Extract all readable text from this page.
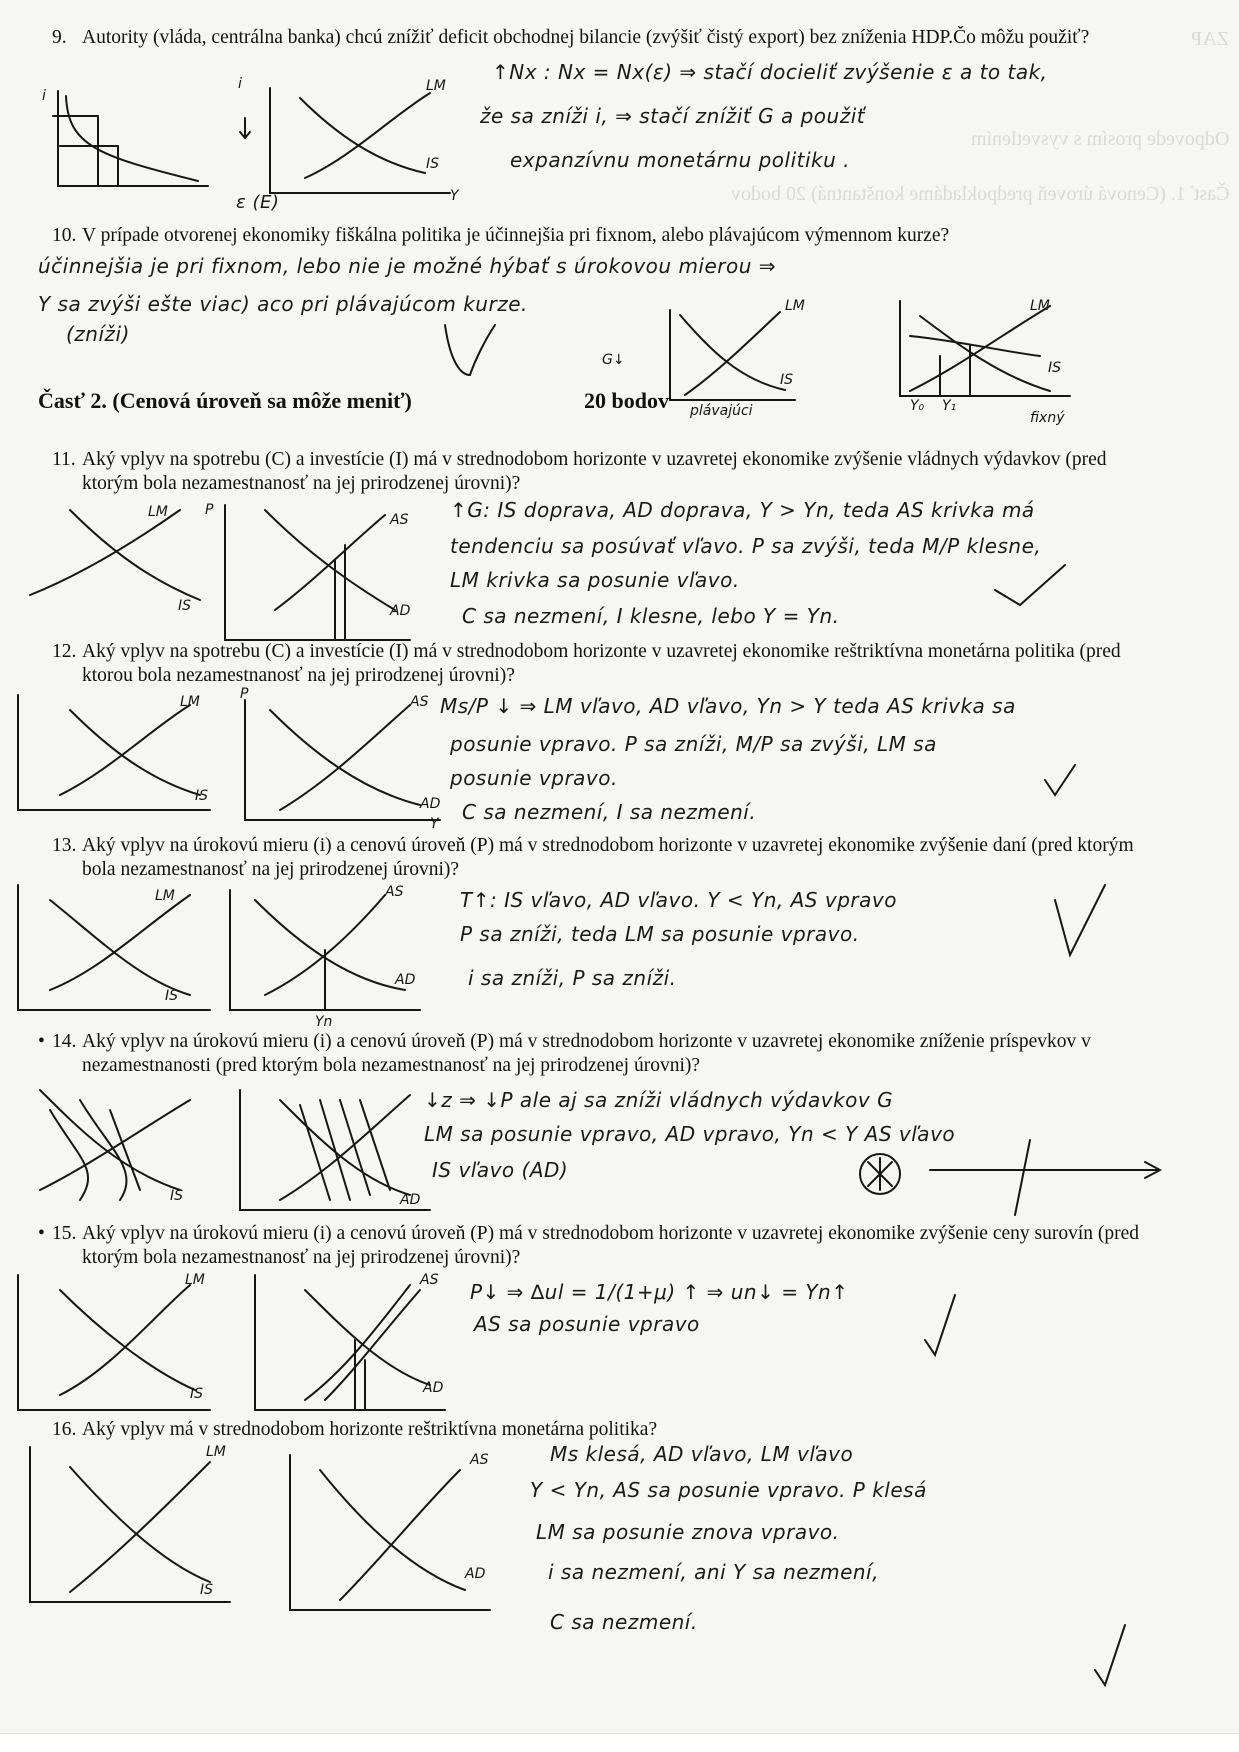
ZAP
Odpovede prosím s vysvetlením
Časť 1. (Cenová úroveň predpokladáme konštantná) 20 bodov
9. Autority (vláda, centrálna banka) chcú znížiť deficit obchodnej bilancie (zvýšiť čistý export) bez zníženia HDP.Čo môžu použiť?
↑Nx : Nx = Nx(ε) ⇒ stačí docieliť zvýšenie ε a to tak,
že sa zníži i, ⇒ stačí znížiť G a použiť
expanzívnu monetárnu politiku .
i
ε (E)
LM
IS
Y
i
10. V prípade otvorenej ekonomiky fiškálna politika je účinnejšia pri fixnom, alebo plávajúcom výmennom kurze?
účinnejšia je pri fixnom, lebo nie je možné hýbať s úrokovou mierou ⇒
Y sa zvýši ešte viac) aco pri plávajúcom kurze.
(zníži)
G↓
LM
IS
plávajúci
LM
IS
Y₀ Y₁
fixný
Časť 2. (Cenová úroveň sa môže meniť)	20 bodov
11. Aký vplyv na spotrebu (C) a investície (I) má v strednodobom horizonte v uzavretej ekonomike zvýšenie vládnych výdavkov (pred ktorým bola nezamestnanosť na jej prirodzenej úrovni)?
↑G: IS doprava, AD doprava, Y > Yn, teda AS krivka má
tendenciu sa posúvať vľavo. P sa zvýši, teda M/P klesne,
LM krivka sa posunie vľavo.
C sa nezmení, I klesne, lebo Y = Yn.
LM
IS
P
AS
AD
12. Aký vplyv na spotrebu (C) a investície (I) má v strednodobom horizonte v uzavretej ekonomike reštriktívna monetárna politika (pred ktorou bola nezamestnanosť na jej prirodzenej úrovni)?
Ms/P ↓ ⇒ LM vľavo, AD vľavo, Yn > Y teda AS krivka sa
posunie vpravo. P sa zníži, M/P sa zvýši, LM sa
posunie vpravo.
C sa nezmení, I sa nezmení.
LM
IS
P	AS
AD
Y
13. Aký vplyv na úrokovú mieru (i) a cenovú úroveň (P) má v strednodobom horizonte v uzavretej ekonomike zvýšenie daní (pred ktorým bola nezamestnanosť na jej prirodzenej úrovni)?
T↑: IS vľavo, AD vľavo. Y < Yn, AS vpravo
P sa zníži, teda LM sa posunie vpravo.
i sa zníži, P sa zníži.
LM
IS
AS
AD
Yn
• 14. Aký vplyv na úrokovú mieru (i) a cenovú úroveň (P) má v strednodobom horizonte v uzavretej ekonomike zníženie príspevkov v nezamestnanosti (pred ktorým bola nezamestnanosť na jej prirodzenej úrovni)?
↓z ⇒ ↓P ale aj sa zníži vládnych výdavkov G
LM sa posunie vpravo, AD vpravo, Yn < Y AS vľavo
IS vľavo (AD)
IS	AD
• 15. Aký vplyv na úrokovú mieru (i) a cenovú úroveň (P) má v strednodobom horizonte v uzavretej ekonomike zvýšenie ceny surovín (pred ktorým bola nezamestnanosť na jej prirodzenej úrovni)?
P↓ ⇒ ∆ul = 1/(1+μ) ↑ ⇒ un↓ = Yn↑
AS sa posunie vpravo
LM
IS
AS
AD
16. Aký vplyv má v strednodobom horizonte reštriktívna monetárna politika?
Ms klesá, AD vľavo, LM vľavo
Y < Yn, AS sa posunie vpravo. P klesá
LM sa posunie znova vpravo.
i sa nezmení, ani Y sa nezmení,
C sa nezmení.
LM
IS
AS
AD
